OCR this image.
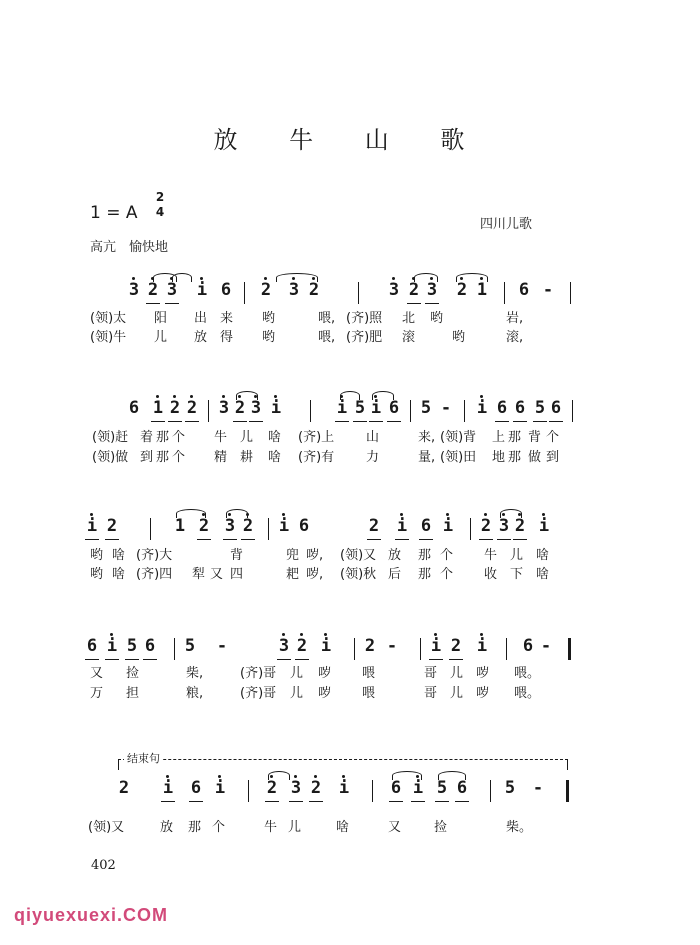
放 牛 山 歌
1 = A
2
4
高亢　愉快地
四川儿歌
3 2 3 i 6 2 3 2	3 2 3 2 1 6 -
(领)太 阳 出 来 哟	喂, (齐)照 北 哟	岩,
(领)牛 儿 放 得 哟	喂, (齐)肥 滚	哟	滚,
6 1 2 2 3 2 3 i	i 5 i 6 5 - i 6 6 5 6
(领)赶 着 那 个 牛 儿 啥 (齐)上 山	来, (领)背 上 那 背 个
(领)做 到 那 个 精 耕 啥 (齐)有 力	量, (领)田 地 那 做 到
i 2	1 2 3 2 i 6	2 i 6 i 2 3 2 i
哟 啥 (齐)大	背	兜 哕, (领)又 放 那 个 牛 儿 啥
哟 啥 (齐)四 犁 又 四	耙 哕, (领)秋 后 那 个 收 下 啥
6 i 5 6 5 -	3 2 i 2 - i 2 i 6 -
又 捡	柴,	(齐)哥 儿 哕 喂	哥 儿 哕 喂。
万 担	粮,	(齐)哥 儿 哕 喂	哥 儿 哕 喂。
结束句
2 i 6 i 2 3 2 i 6 i 5 6 5 -
(领)又	放 那 个	牛 儿	啥	又	捡	柴。
402
qiyuexuexi.COM
